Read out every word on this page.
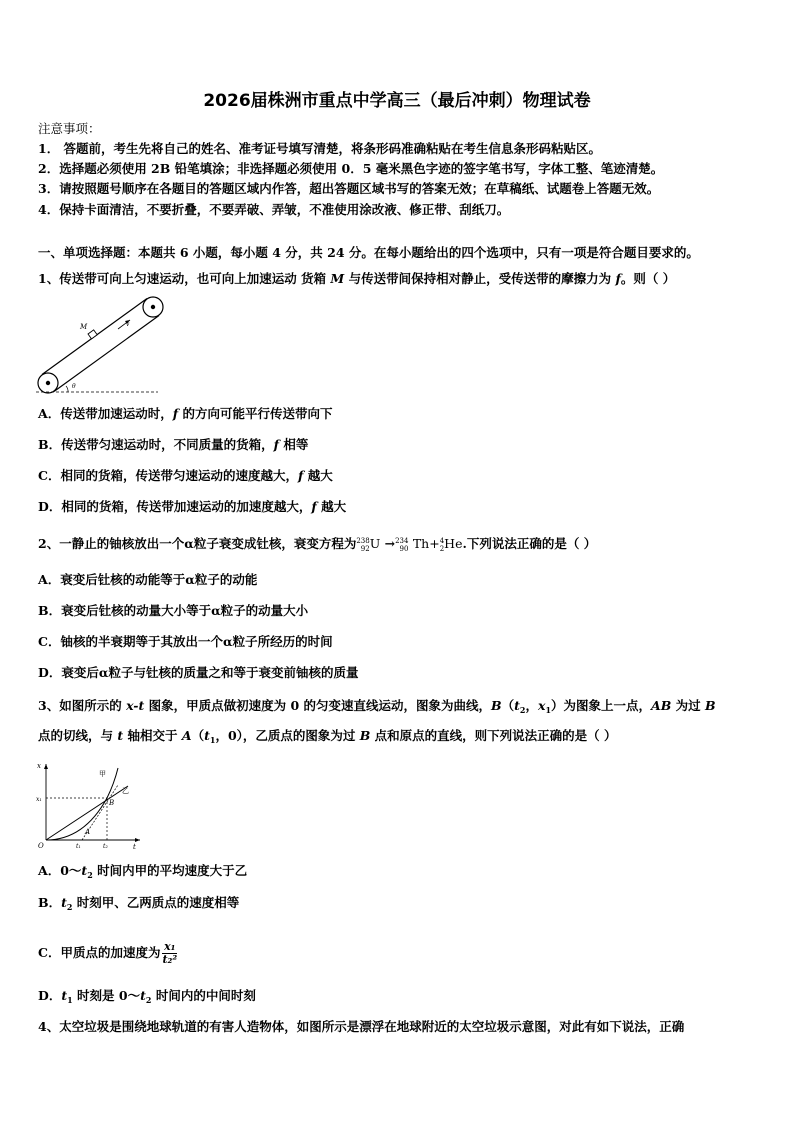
2026届株洲市重点中学高三（最后冲刺）物理试卷
注意事项：
1． 答题前，考生先将自己的姓名、准考证号填写清楚，将条形码准确粘贴在考生信息条形码粘贴区。
2．选择题必须使用 2B 铅笔填涂；非选择题必须使用 0．5 毫米黑色字迹的签字笔书写，字体工整、笔迹清楚。
3．请按照题号顺序在各题目的答题区域内作答，超出答题区域书写的答案无效；在草稿纸、试题卷上答题无效。
4．保持卡面清洁，不要折叠，不要弄破、弄皱，不准使用涂改液、修正带、刮纸刀。
一、单项选择题：本题共 6 小题，每小题 4 分，共 24 分。在每小题给出的四个选项中，只有一项是符合题目要求的。
1、传送带可向上匀速运动，也可向上加速运动 货箱 M 与传送带间保持相对静止，受传送带的摩擦力为 f。则（ ）
M	v
θ
A．传送带加速运动时，f 的方向可能平行传送带向下
B．传送带匀速运动时，不同质量的货箱，f 相等
C．相同的货箱，传送带匀速运动的速度越大，f 越大
D．相同的货箱，传送带加速运动的加速度越大，f 越大
2、一静止的铀核放出一个α粒子衰变成钍核，衰变方程为 238
92 U → 234
90 Th+ 4
2 He.下列说法正确的是（ ）
A．衰变后钍核的动能等于α粒子的动能
B．衰变后钍核的动量大小等于α粒子的动量大小
C．铀核的半衰期等于其放出一个α粒子所经历的时间
D．衰变后α粒子与钍核的质量之和等于衰变前铀核的质量
3、如图所示的 x-t 图象，甲质点做初速度为 0 的匀变速直线运动，图象为曲线，$B(t_2$，$x_1$）为图象上一点，AB 为过 B
点的切线，与 t 轴相交于 $A(t_1$，0），乙质点的图象为过 B 点和原点的直线，则下列说法正确的是（ ）
x
x₁
甲
乙
B
A
O	t₁	t₂	t
A．$0\sim t_2$ 时间内甲的平均速度大于乙
B．$t_2$ 时刻甲、乙两质点的速度相等
C．甲质点的加速度为 $\frac{\text{x₁}}{\text{t₂²}}$
D．$t_1$ 时刻是 $0\sim t_2$ 时间内的中间时刻
4、太空垃圾是围绕地球轨道的有害人造物体，如图所示是漂浮在地球附近的太空垃圾示意图，对此有如下说法，正确
